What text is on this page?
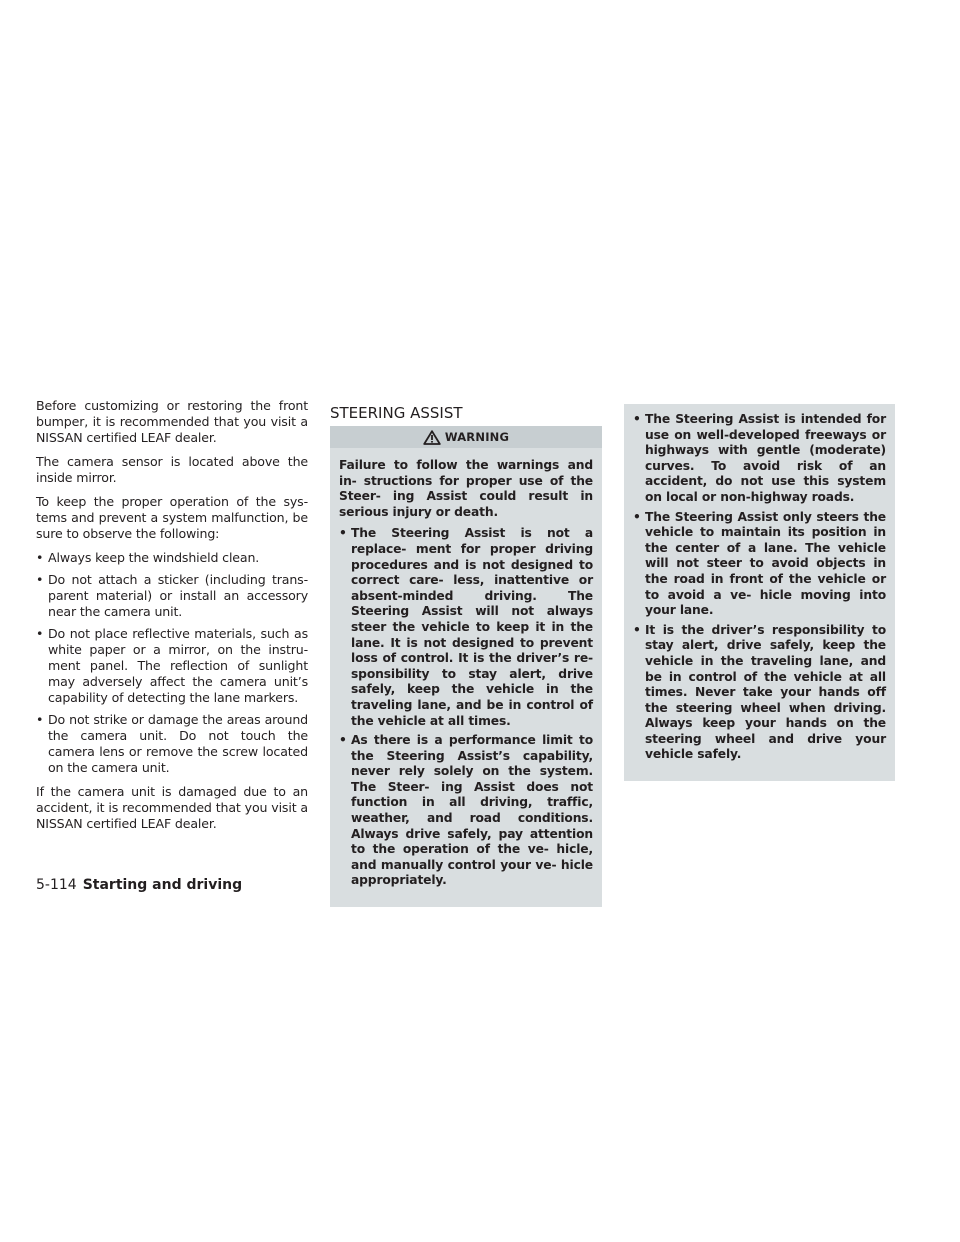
Before customizing or restoring the front bumper, it is recommended that you visit a NISSAN certified LEAF dealer.

The camera sensor is located above the inside mirror.

To keep the proper operation of the sys- tems and prevent a system malfunction, be sure to observe the following:

• Always keep the windshield clean.
• Do not attach a sticker (including trans- parent material) or install an accessory near the camera unit.
• Do not place reflective materials, such as white paper or a mirror, on the instru- ment panel. The reflection of sunlight may adversely affect the camera unit’s capability of detecting the lane markers.
• Do not strike or damage the areas around the camera unit. Do not touch the camera lens or remove the screw located on the camera unit.

If the camera unit is damaged due to an accident, it is recommended that you visit a NISSAN certified LEAF dealer.

STEERING ASSIST
WARNING

Failure to follow the warnings and in- structions for proper use of the Steer- ing Assist could result in serious injury or death.

• The Steering Assist is not a replace- ment for proper driving procedures and is not designed to correct care- less, inattentive or absent-minded driving. The Steering Assist will not always steer the vehicle to keep it in the lane. It is not designed to prevent loss of control. It is the driver’s re- sponsibility to stay alert, drive safely, keep the vehicle in the traveling lane, and be in control of the vehicle at all times.
• As there is a performance limit to the Steering Assist’s capability, never rely solely on the system. The Steer- ing Assist does not function in all driving, traffic, weather, and road conditions. Always drive safely, pay attention to the operation of the ve- hicle, and manually control your ve- hicle appropriately.
• The Steering Assist is intended for use on well-developed freeways or highways with gentle (moderate) curves. To avoid risk of an accident, do not use this system on local or non-highway roads.
• The Steering Assist only steers the vehicle to maintain its position in the center of a lane. The vehicle will not steer to avoid objects in the road in front of the vehicle or to avoid a ve- hicle moving into your lane.
• It is the driver’s responsibility to stay alert, drive safely, keep the vehicle in the traveling lane, and be in control of the vehicle at all times. Never take your hands off the steering wheel when driving. Always keep your hands on the steering wheel and drive your vehicle safely.
5-114 Starting and driving
